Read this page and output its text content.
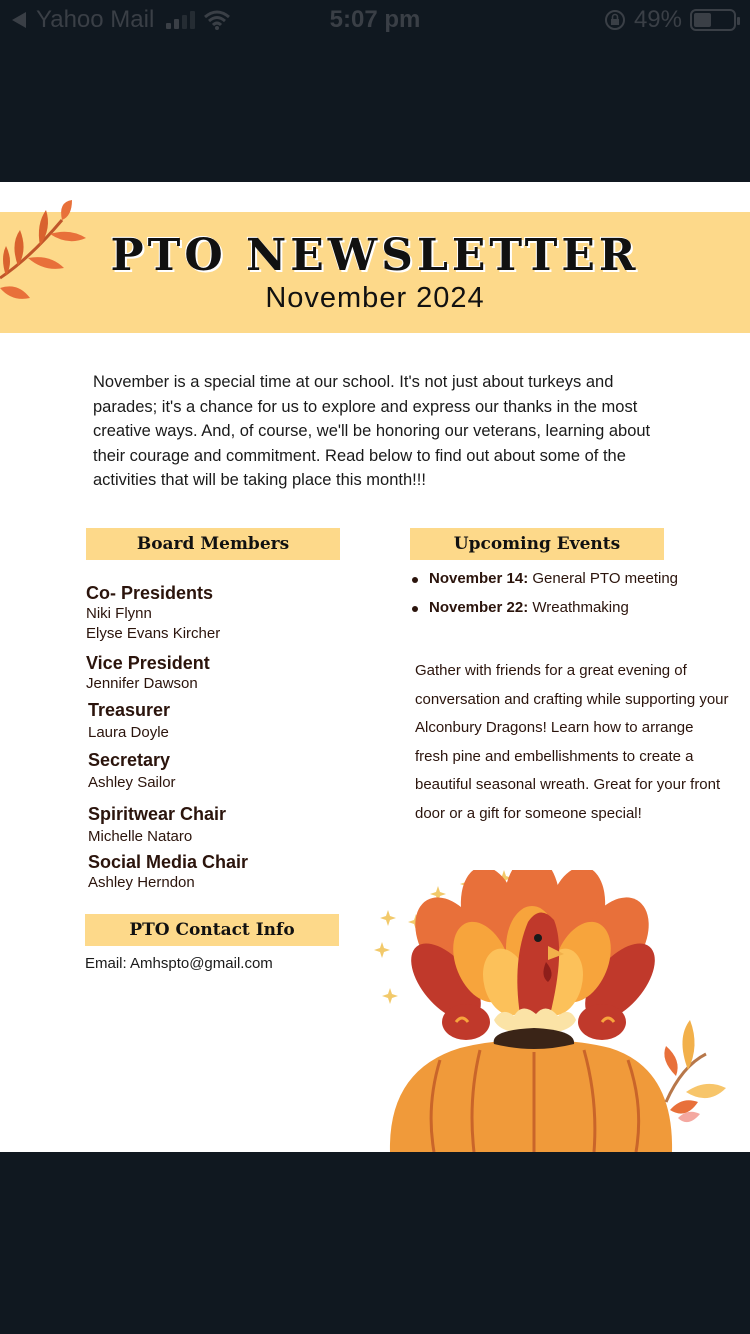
Yahoo Mail	5:07 pm	49%
PTO NEWSLETTER
November 2024
November is a special time at our school. It's not just about turkeys and parades; it's a chance for us to explore and express our thanks in the most creative ways. And, of course, we'll be honoring our veterans, learning about their courage and commitment. Read below to find out about some of the activities that will be taking place this month!!!
Board Members
Co- Presidents
Niki Flynn
Elyse Evans Kircher
Vice President
Jennifer Dawson
Treasurer
Laura Doyle
Secretary
Ashley Sailor
Spiritwear Chair
Michelle Nataro
Social Media Chair
Ashley Herndon
PTO Contact Info
Email: Amhspto@gmail.com
Upcoming Events
November 14: General PTO meeting
November 22: Wreathmaking
Gather with friends for a great evening of conversation and crafting while supporting your Alconbury Dragons! Learn how to arrange fresh pine and embellishments to create a beautiful seasonal wreath. Great for your front door or a gift for someone special!
